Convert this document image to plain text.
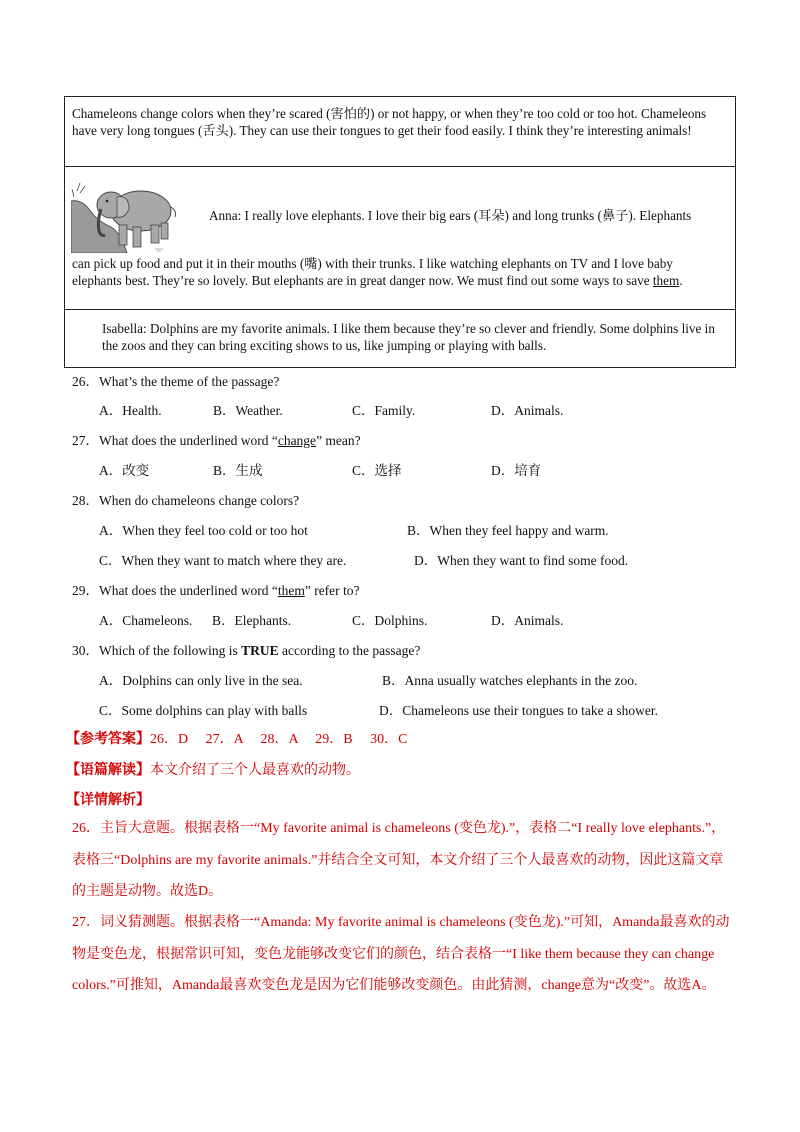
Chameleons change colors when they’re scared (害怕的) or not happy, or when they’re too cold or too hot. Chameleons have very long tongues (舌头). They can use their tongues to get their food easily. I think they’re interesting animals!
Anna: I really love elephants. I love their big ears (耳朵) and long trunks (鼻子). Elephants
can pick up food and put it in their mouths (嘴) with their trunks. I like watching elephants on TV and I love baby elephants best. They’re so lovely. But elephants are in great danger now. We must find out some ways to save them.
Isabella: Dolphins are my favorite animals. I like them because they’re so clever and friendly. Some dolphins live in the zoos and they can bring exciting shows to us, like jumping or playing with balls.
26．What’s the theme of the passage?
A．Health.	B．Weather.	C．Family.	D．Animals.
27．What does the underlined word “change” mean?
A．改变	B．生成	C．选择	D．培育
28．When do chameleons change colors?
A．When they feel too cold or too hot	B．When they feel happy and warm.
C．When they want to match where they are.	D．When they want to find some food.
29．What does the underlined word “them” refer to?
A．Chameleons. B．Elephants.	C．Dolphins.	D．Animals.
30．Which of the following is TRUE according to the passage?
A．Dolphins can only live in the sea.	B．Anna usually watches elephants in the zoo.
C．Some dolphins can play with balls	D．Chameleons use their tongues to take a shower.
【参考答案】26．D　 27．A　 28．A　 29．B　 30．C
【语篇解读】本文介绍了三个人最喜欢的动物。
【详情解析】
26．主旨大意题。根据表格一“My favorite animal is chameleons (变色龙).”，表格二“I really love elephants.”，表格三“Dolphins are my favorite animals.”并结合全文可知，本文介绍了三个人最喜欢的动物，因此这篇文章的主题是动物。故选D。
27．词义猜测题。根据表格一“Amanda: My favorite animal is chameleons (变色龙).”可知，Amanda最喜欢的动物是变色龙，根据常识可知，变色龙能够改变它们的颜色，结合表格一“I like them because they can change colors.”可推知，Amanda最喜欢变色龙是因为它们能够改变颜色。由此猜测，change意为“改变”。故选A。
